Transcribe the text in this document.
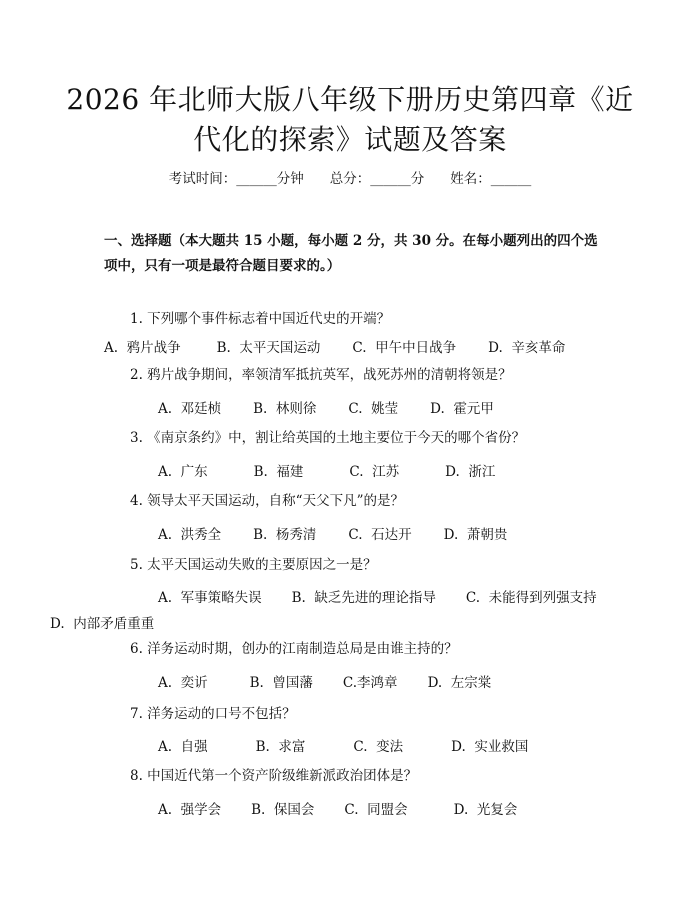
2026 年北师大版八年级下册历史第四章《近
代化的探索》试题及答案
考试时间：______分钟 总分：______分 姓名：______
一、选择题（本大题共 15 小题，每小题 2 分，共 30 分。在每小题列出的四个选项中，只有一项是最符合题目要求的。）
1. 下列哪个事件标志着中国近代史的开端？

A.  鸦片战争	B.  太平天国运动 C.  甲午中日战争 D.  辛亥革命
2. 鸦片战争期间，率领清军抵抗英军，战死苏州的清朝将领是？
A.  邓廷桢 B.  林则徐 C.  姚莹 D.  霍元甲
3. 《南京条约》中，割让给英国的土地主要位于今天的哪个省份？
A.  广东	B.  福建	C.  江苏	D.  浙江
4. 领导太平天国运动，自称“天父下凡”的是？
A.  洪秀全 B.  杨秀清 C.  石达开 D.  萧朝贵
5. 太平天国运动失败的主要原因之一是？
A.  军事策略失误 B.  缺乏先进的理论指导 C.  未能得到列强支持
D.  内部矛盾重重
6. 洋务运动时期，创办的江南制造总局是由谁主持的？
A.  奕䜣	B.  曾国藩 C.李鸿章 D.  左宗棠
7. 洋务运动的口号不包括？
A.  自强	B.  求富	C.  变法	D.  实业救国
8. 中国近代第一个资产阶级维新派政治团体是？
A.  强学会 B.  保国会 C.  同盟会	D.  光复会
